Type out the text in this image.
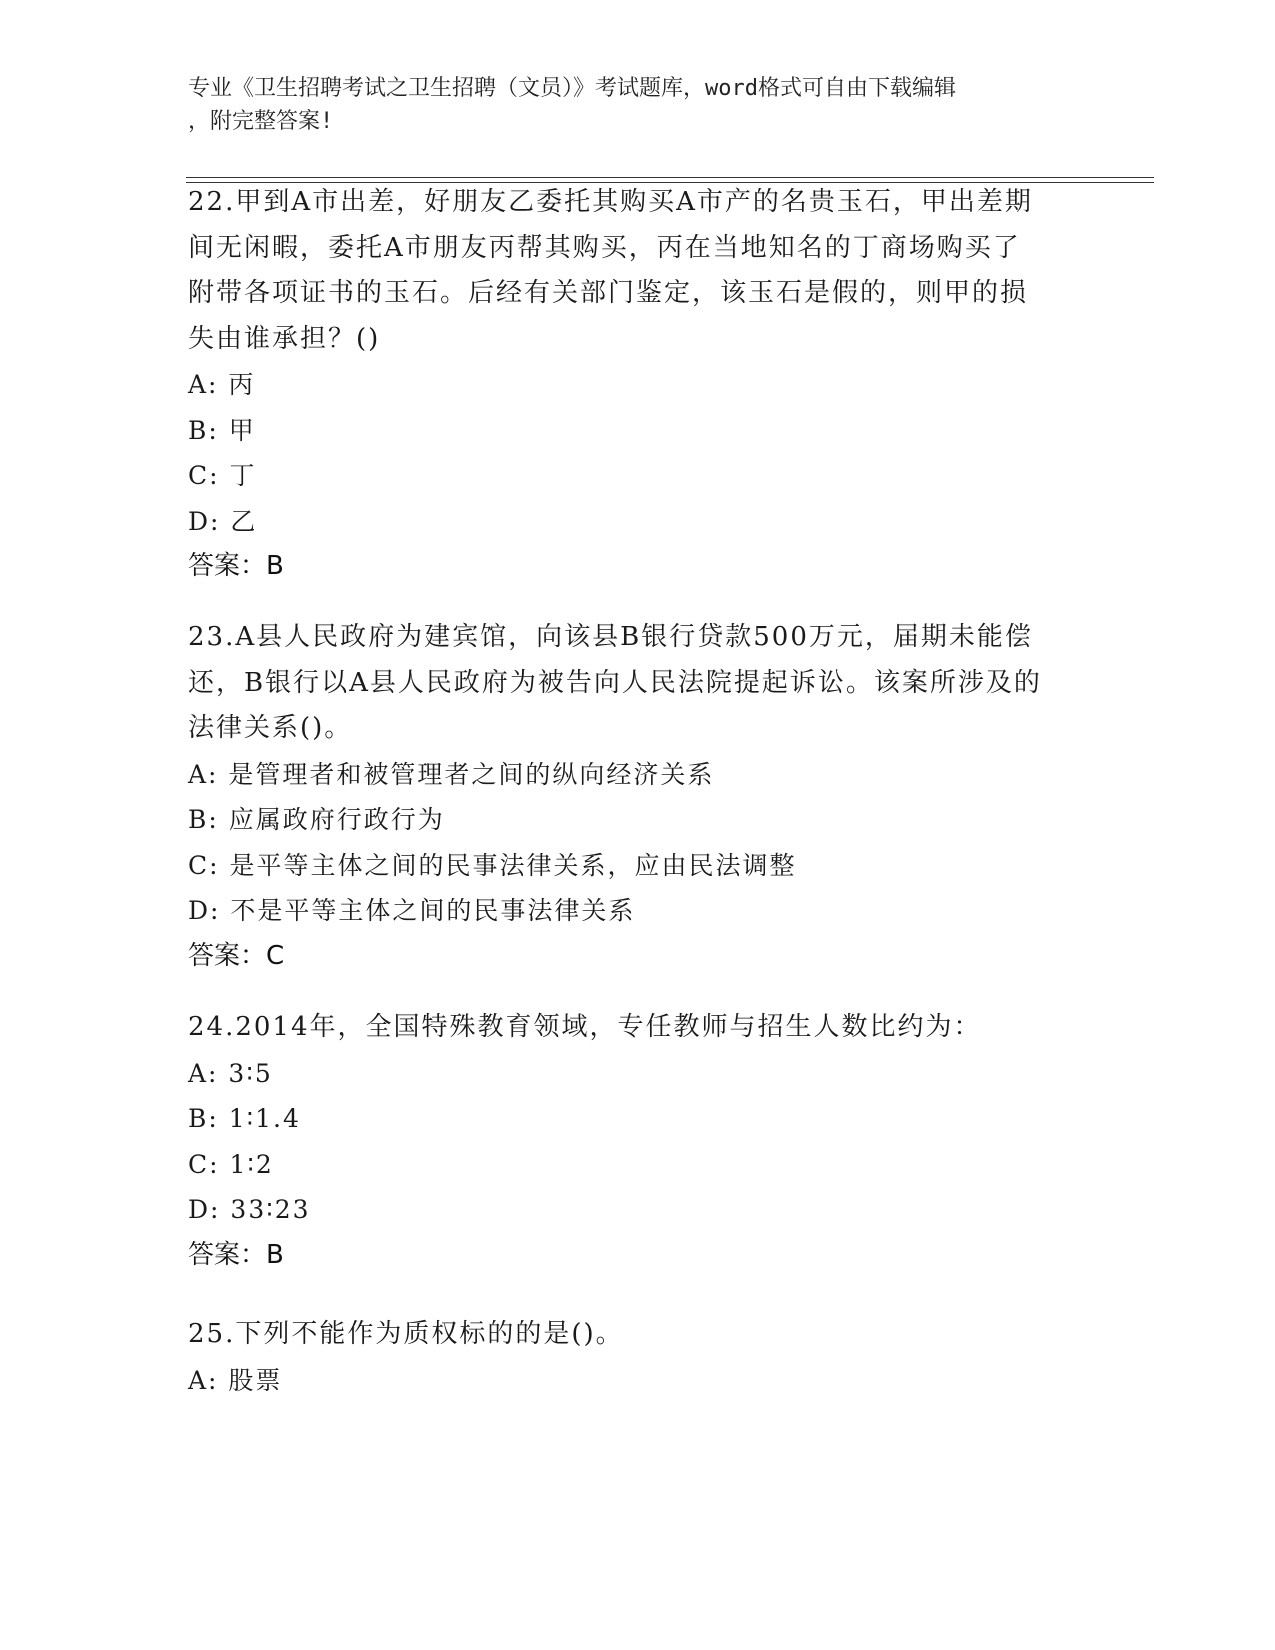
专业《卫生招聘考试之卫生招聘（文员）》考试题库，word格式可自由下载编辑
，附完整答案!
22.甲到A市出差，好朋友乙委托其购买A市产的名贵玉石，甲出差期
间无闲暇，委托A市朋友丙帮其购买，丙在当地知名的丁商场购买了
附带各项证书的玉石。后经有关部门鉴定，该玉石是假的，则甲的损
失由谁承担？()
A: 丙
B: 甲
C: 丁
D: 乙
答案：B
23.A县人民政府为建宾馆，向该县B银行贷款500万元，届期未能偿
还，B银行以A县人民政府为被告向人民法院提起诉讼。该案所涉及的
法律关系()。
A: 是管理者和被管理者之间的纵向经济关系
B: 应属政府行政行为
C: 是平等主体之间的民事法律关系，应由民法调整
D: 不是平等主体之间的民事法律关系
答案：C
24.2014年，全国特殊教育领域，专任教师与招生人数比约为：
A: 3∶5
B: 1∶1.4
C: 1∶2
D: 33∶23
答案：B
25.下列不能作为质权标的的是()。
A: 股票
